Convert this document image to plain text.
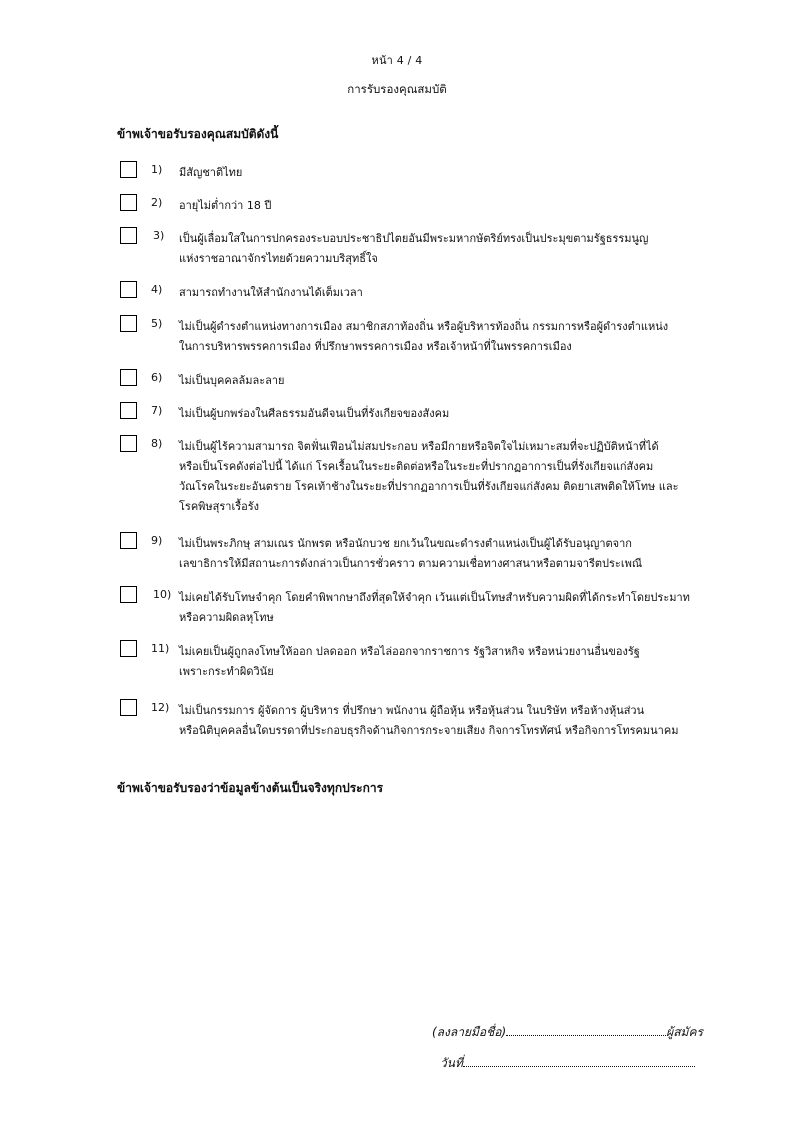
หน้า 4 / 4
การรับรองคุณสมบัติ
ข้าพเจ้าขอรับรองคุณสมบัติดังนี้
1) มีสัญชาติไทย
2) อายุไม่ต่ำกว่า 18 ปี
3) เป็นผู้เลื่อมใสในการปกครองระบอบประชาธิปไตยอันมีพระมหากษัตริย์ทรงเป็นประมุขตามรัฐธรรมนูญ
แห่งราชอาณาจักรไทยด้วยความบริสุทธิ์ใจ
4) สามารถทำงานให้สำนักงานได้เต็มเวลา
5) ไม่เป็นผู้ดำรงตำแหน่งทางการเมือง สมาชิกสภาท้องถิ่น หรือผู้บริหารท้องถิ่น กรรมการหรือผู้ดำรงตำแหน่ง
ในการบริหารพรรคการเมือง ที่ปรึกษาพรรคการเมือง หรือเจ้าหน้าที่ในพรรคการเมือง
6) ไม่เป็นบุคคลล้มละลาย
7) ไม่เป็นผู้บกพร่องในศีลธรรมอันดีจนเป็นที่รังเกียจของสังคม
8) ไม่เป็นผู้ไร้ความสามารถ จิตฟั่นเฟือนไม่สมประกอบ หรือมีกายหรือจิตใจไม่เหมาะสมที่จะปฏิบัติหน้าที่ได้
หรือเป็นโรคดังต่อไปนี้ ได้แก่ โรคเรื้อนในระยะติดต่อหรือในระยะที่ปรากฏอาการเป็นที่รังเกียจแก่สังคม
วัณโรคในระยะอันตราย โรคเท้าช้างในระยะที่ปรากฏอาการเป็นที่รังเกียจแก่สังคม ติดยาเสพติดให้โทษ และ
โรคพิษสุราเรื้อรัง
9) ไม่เป็นพระภิกษุ สามเณร นักพรต หรือนักบวช ยกเว้นในขณะดำรงตำแหน่งเป็นผู้ได้รับอนุญาตจาก
เลขาธิการให้มีสถานะการดังกล่าวเป็นการชั่วคราว ตามความเชื่อทางศาสนาหรือตามจารีตประเพณี
10) ไม่เคยได้รับโทษจำคุก โดยคำพิพากษาถึงที่สุดให้จำคุก เว้นแต่เป็นโทษสำหรับความผิดที่ได้กระทำโดยประมาท
หรือความผิดลหุโทษ
11) ไม่เคยเป็นผู้ถูกลงโทษให้ออก ปลดออก หรือไล่ออกจากราชการ รัฐวิสาหกิจ หรือหน่วยงานอื่นของรัฐ
เพราะกระทำผิดวินัย
12) ไม่เป็นกรรมการ ผู้จัดการ ผู้บริหาร ที่ปรึกษา พนักงาน ผู้ถือหุ้น หรือหุ้นส่วน ในบริษัท หรือห้างหุ้นส่วน
หรือนิติบุคคลอื่นใดบรรดาที่ประกอบธุรกิจด้านกิจการกระจายเสียง กิจการโทรทัศน์ หรือกิจการโทรคมนาคม
ข้าพเจ้าขอรับรองว่าข้อมูลข้างต้นเป็นจริงทุกประการ
(ลงลายมือชื่อ)	ผู้สมัคร
วันที่
